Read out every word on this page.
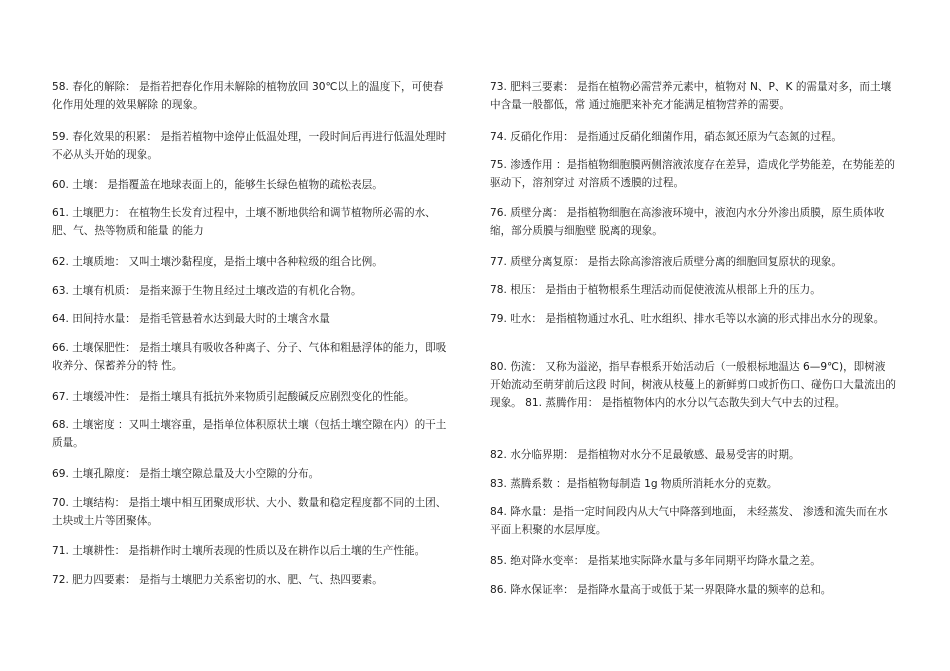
58. 春化的解除： 是指若把春化作用未解除的植物放回 30℃以上的温度下，可使春化作用处理的效果解除 的现象。

59. 春化效果的积累： 是指若植物中途停止低温处理，一段时间后再进行低温处理时不必从头开始的现象。

60. 土壤： 是指覆盖在地球表面上的，能够生长绿色植物的疏松表层。

61. 土壤肥力： 在植物生长发育过程中，土壤不断地供给和调节植物所必需的水、肥、气、热等物质和能量 的能力

62. 土壤质地： 又叫土壤沙黏程度，是指土壤中各种粒级的组合比例。

63. 土壤有机质： 是指来源于生物且经过土壤改造的有机化合物。

64. 田间持水量： 是指毛管悬着水达到最大时的土壤含水量

66. 土壤保肥性： 是指土壤具有吸收各种离子、分子、气体和粗悬浮体的能力，即吸收养分、保蓄养分的特 性。

67. 土壤缓冲性： 是指土壤具有抵抗外来物质引起酸碱反应剧烈变化的性能。

68. 土壤密度 ：又叫土壤容重，是指单位体积原状土壤（包括土壤空隙在内）的干土质量。

69. 土壤孔隙度： 是指土壤空隙总量及大小空隙的分布。

70. 土壤结构： 是指土壤中相互团聚成形状、大小、数量和稳定程度都不同的土团、土块或土片等团聚体。

71. 土壤耕性： 是指耕作时土壤所表现的性质以及在耕作以后土壤的生产性能。

72. 肥力四要素： 是指与土壤肥力关系密切的水、肥、气、热四要素。

73. 肥料三要素： 是指在植物必需营养元素中，植物对 N、P、K 的需量对多，而土壤中含量一般都低，常 通过施肥来补充才能满足植物营养的需要。

74. 反硝化作用： 是指通过反硝化细菌作用，硝态氮还原为气态氮的过程。

75. 渗透作用 ：是指植物细胞膜两侧溶液浓度存在差异，造成化学势能差，在势能差的驱动下，溶剂穿过 对溶质不透膜的过程。

76. 质壁分离： 是指植物细胞在高渗液环境中，液泡内水分外渗出质膜，原生质体收缩，部分质膜与细胞壁 脱离的现象。

77. 质壁分离复原： 是指去除高渗溶液后质壁分离的细胞回复原状的现象。

78. 根压： 是指由于植物根系生理活动而促使液流从根部上升的压力。

79. 吐水： 是指植物通过水孔、吐水组织、排水毛等以水滴的形式排出水分的现象。

80. 伤流： 又称为溢泌，指早春根系开始活动后（一般根标地温达 6—9℃)，即树液开始流动至萌芽前后这段 时间，树液从枝蔓上的新鲜剪口或折伤口、碰伤口大量流出的现象。 81. 蒸腾作用： 是指植物体内的水分以气态散失到大气中去的过程。

82. 水分临界期： 是指植物对水分不足最敏感、最易受害的时期。

83. 蒸腾系数 ：是指植物每制造 1g 物质所消耗水分的克数。

84. 降水量：是指一定时间段内从大气中降落到地面， 未经蒸发、 渗透和流失而在水平面上积聚的水层厚度。

85. 绝对降水变率： 是指某地实际降水量与多年同期平均降水量之差。

86. 降水保证率： 是指降水量高于或低于某一界限降水量的频率的总和。
